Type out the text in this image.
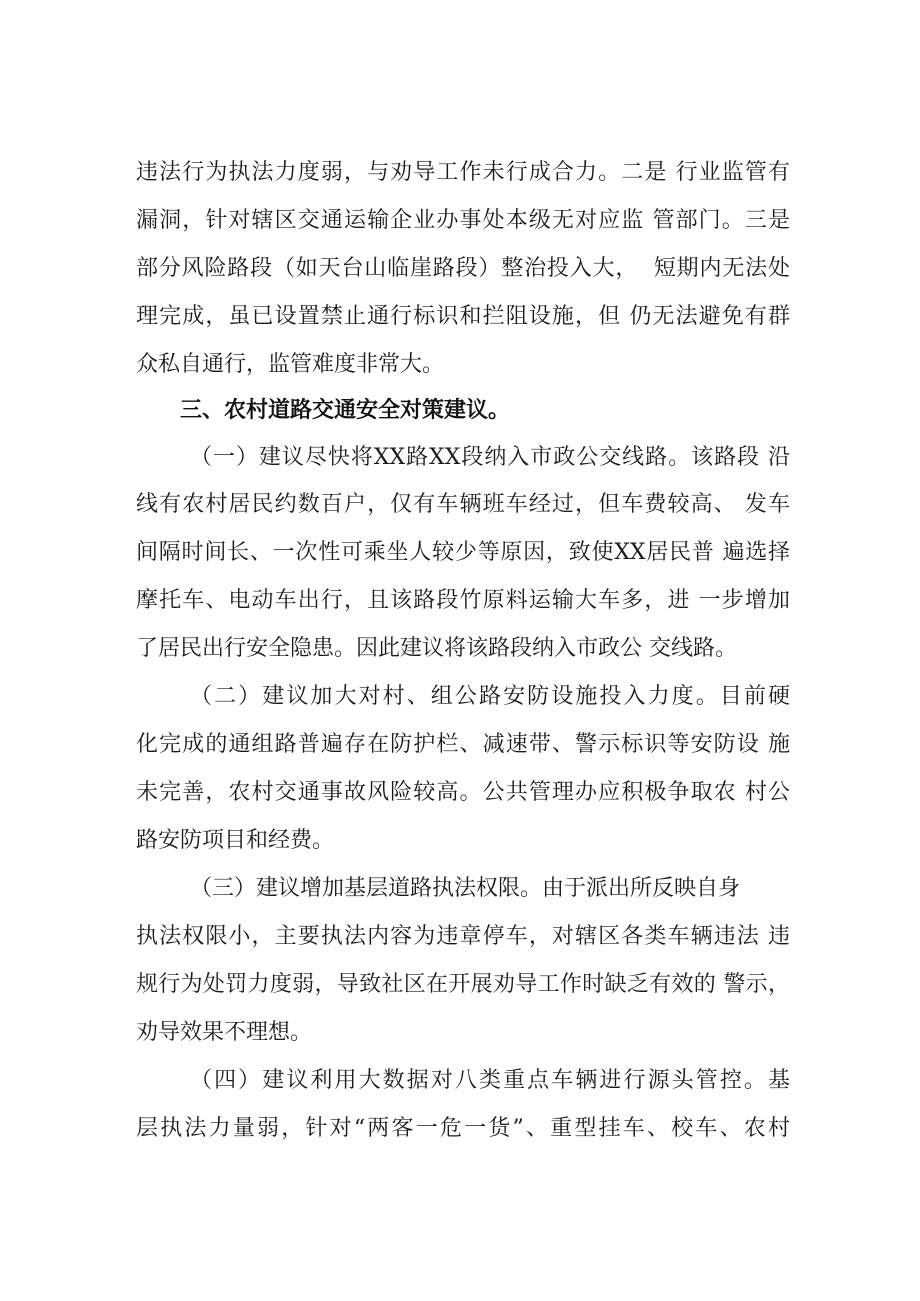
违法行为执法力度弱，与劝导工作未行成合力。二是 行业监管有
漏洞，针对辖区交通运输企业办事处本级无对应监 管部门。三是
部分风险路段（如天台山临崖路段）整治投入大，  短期内无法处
理完成，虽已设置禁止通行标识和拦阻设施，但 仍无法避免有群
众私自通行，监管难度非常大。
三、农村道路交通安全对策建议。
（一）建议尽快将XX路XX段纳入市政公交线路。该路段 沿
线有农村居民约数百户，仅有车辆班车经过，但车费较高、 发车
间隔时间长、一次性可乘坐人较少等原因，致使XX居民普 遍选择
摩托车、电动车出行，且该路段竹原料运输大车多，进 一步增加
了居民出行安全隐患。因此建议将该路段纳入市政公 交线路。
（二）建议加大对村、组公路安防设施投入力度。目前硬
化完成的通组路普遍存在防护栏、减速带、警示标识等安防设 施
未完善，农村交通事故风险较高。公共管理办应积极争取农 村公
路安防项目和经费。
（三）建议增加基层道路执法权限。由于派出所反映自身
执法权限小，主要执法内容为违章停车，对辖区各类车辆违法 违
规行为处罚力度弱，导致社区在开展劝导工作时缺乏有效的 警示，
劝导效果不理想。
（四）建议利用大数据对八类重点车辆进行源头管控。基
层执法力量弱，针对“两客一危一货”、重型挂车、校车、农村
